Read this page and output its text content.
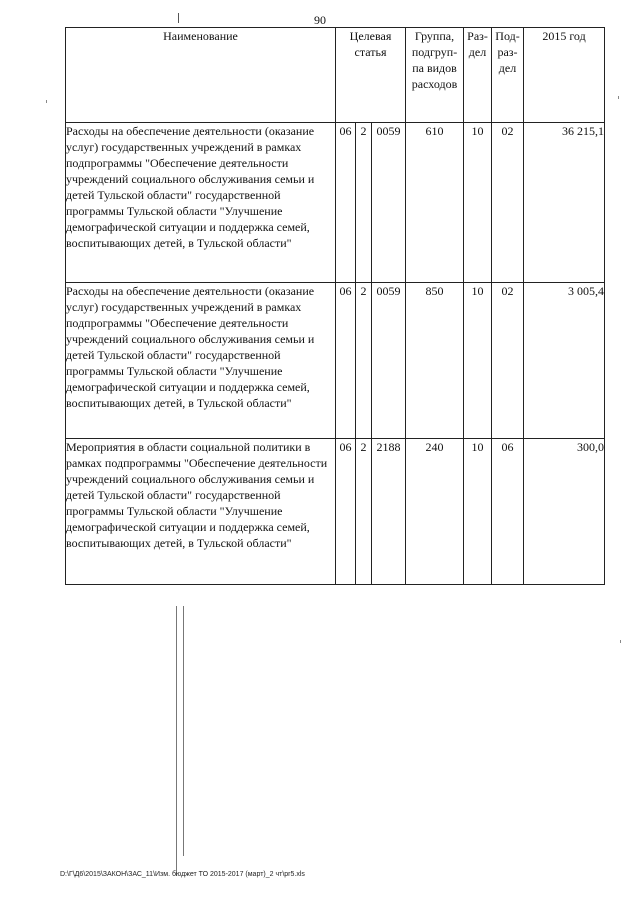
90
Наименование	Целевая статья			Группа, подгруп-па видов расходов	Раз-дел	Под-раз-дел	2015 год
Расходы на обеспечение деятельности (оказание услуг) государственных учреждений в рамках подпрограммы "Обеспечение деятельности учреждений социального обслуживания семьи и детей Тульской области" государственной программы Тульской области "Улучшение демографической ситуации и поддержка семей, воспитывающих детей, в Тульской области"	06	2	0059	610	10	02	36 215,1
Расходы на обеспечение деятельности (оказание услуг) государственных учреждений в рамках подпрограммы "Обеспечение деятельности учреждений социального обслуживания семьи и детей Тульской области" государственной программы Тульской области "Улучшение демографической ситуации и поддержка семей, воспитывающих детей, в Тульской области"	06	2	0059	850	10	02	3 005,4
Мероприятия в области социальной политики в рамках подпрограммы "Обеспечение деятельности учреждений социального обслуживания семьи и детей Тульской области" государственной программы Тульской области "Улучшение демографической ситуации и поддержка семей, воспитывающих детей, в Тульской области"	06	2	2188	240	10	06	300,0
D:\Г\Д6\2015\ЗАКОН\ЗАС_11\Изм. бюджет ТО 2015-2017 (март)_2 чт\pr5.xls
